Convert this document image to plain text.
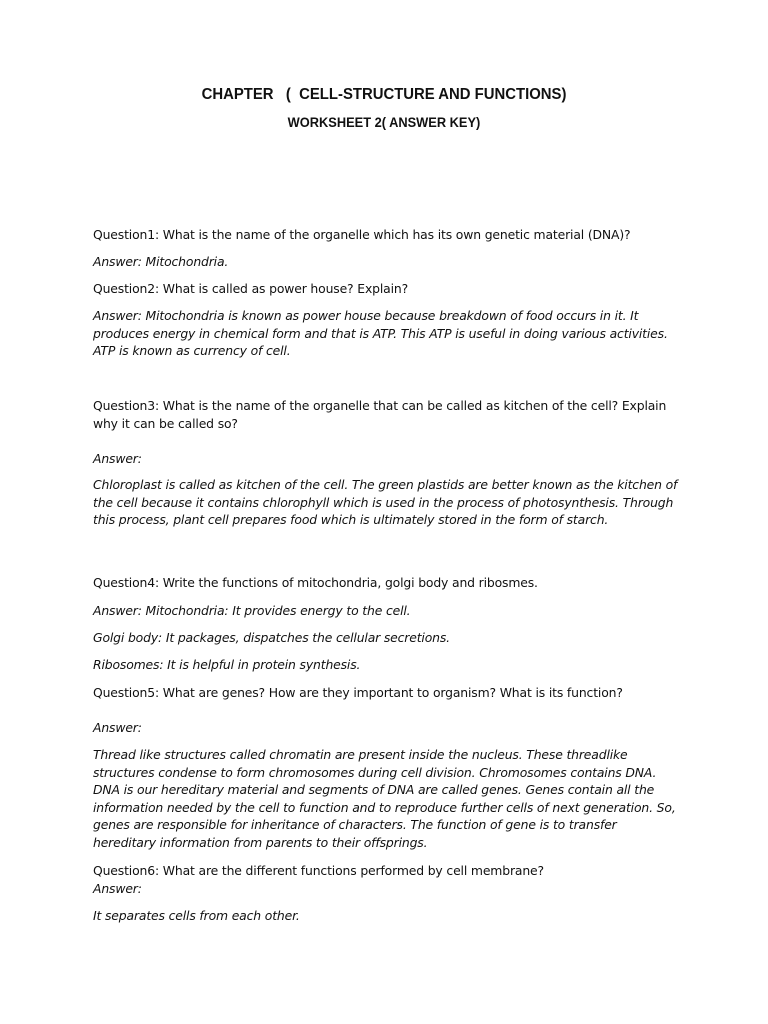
CHAPTER   (  CELL-STRUCTURE AND FUNCTIONS)
WORKSHEET 2( ANSWER KEY)

Question1: What is the name of the organelle which has its own genetic material (DNA)?

Answer: Mitochondria.

Question2: What is called as power house? Explain?

Answer: Mitochondria is known as power house because breakdown of food occurs in it. It produces energy in chemical form and that is ATP. This ATP is useful in doing various activities. ATP is known as currency of cell.

Question3: What is the name of the organelle that can be called as kitchen of the cell? Explain why it can be called so?

Answer:

Chloroplast is called as kitchen of the cell. The green plastids are better known as the kitchen of the cell because it contains chlorophyll which is used in the process of photosynthesis. Through this process, plant cell prepares food which is ultimately stored in the form of starch.

Question4: Write the functions of mitochondria, golgi body and ribosmes.

Answer: Mitochondria: It provides energy to the cell.

Golgi body: It packages, dispatches the cellular secretions.

Ribosomes: It is helpful in protein synthesis.

Question5: What are genes? How are they important to organism? What is its function?

Answer:

Thread like structures called chromatin are present inside the nucleus. These threadlike structures condense to form chromosomes during cell division. Chromosomes contains DNA. DNA is our hereditary material and segments of DNA are called genes. Genes contain all the information needed by the cell to function and to reproduce further cells of next generation. So, genes are responsible for inheritance of characters. The function of gene is to transfer hereditary information from parents to their offsprings.

Question6: What are the different functions performed by cell membrane?

Answer:

It separates cells from each other.
